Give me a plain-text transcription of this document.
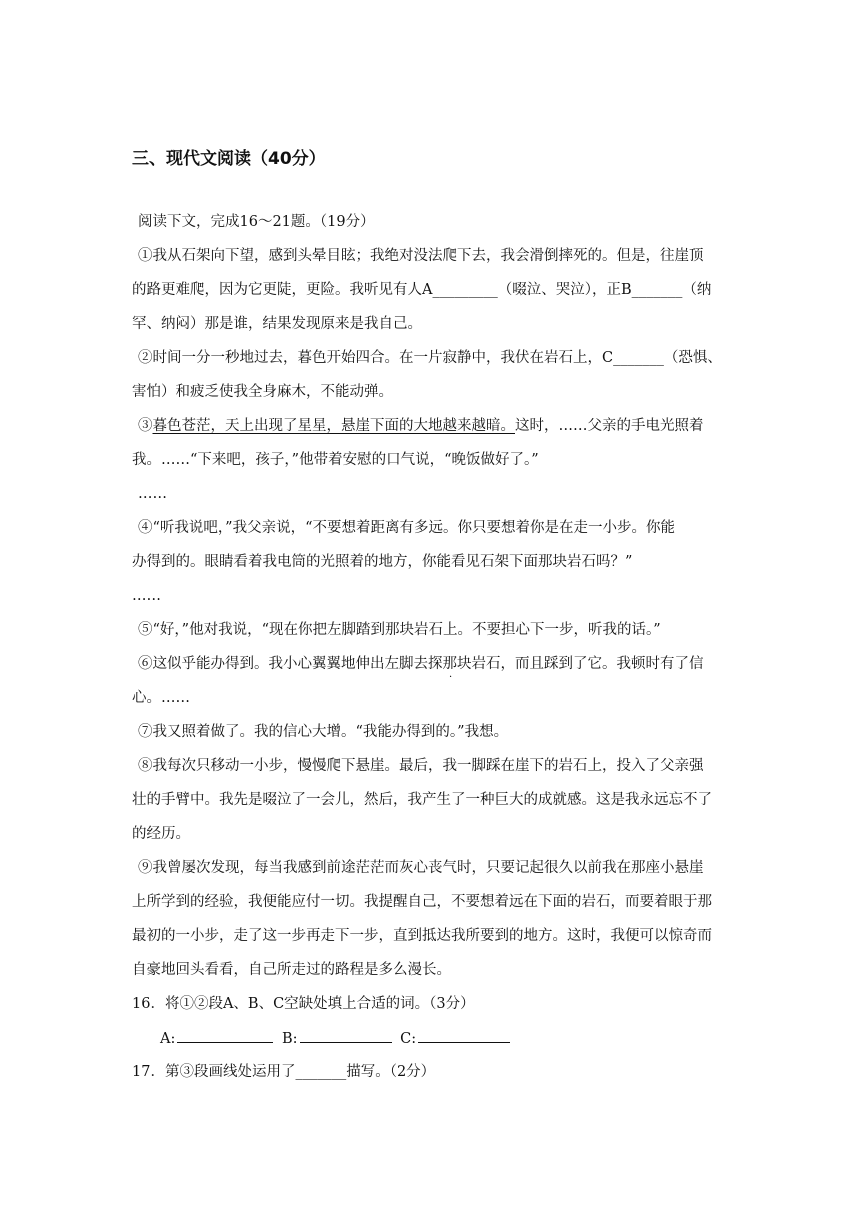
三、现代文阅读（40分）
阅读下文，完成16～21题。（19分）
①我从石架向下望，感到头晕目眩；我绝对没法爬下去，我会滑倒摔死的。但是，往崖顶
的路更难爬，因为它更陡，更险。我听见有人A_________（啜泣、哭泣），正B_______（纳
罕、纳闷）那是谁，结果发现原来是我自己。
②时间一分一秒地过去，暮色开始四合。在一片寂静中，我伏在岩石上，C_______（恐惧、
害怕）和疲乏使我全身麻木，不能动弹。
④“听我说吧，”我父亲说，“不要想着距离有多远。你只要想着你是在走一小步。你能
办得到的。眼睛看着我电筒的光照着的地方，你能看见石架下面那块岩石吗？”
……
⑤“好，”他对我说，“现在你把左脚踏到那块岩石上。不要担心下一步，听我的话。”
⑥这似乎能办得到。我小心翼翼地伸出左脚去探那块岩石，而且踩到了它。我顿时有了信
心。……
⑦我又照着做了。我的信心大增。“我能办得到的。”我想。
⑧我每次只移动一小步，慢慢爬下悬崖。最后，我一脚踩在崖下的岩石上，投入了父亲强
壮的手臂中。我先是啜泣了一会儿，然后，我产生了一种巨大的成就感。这是我永远忘不了
的经历。
⑨我曾屡次发现，每当我感到前途茫茫而灰心丧气时，只要记起很久以前我在那座小悬崖
上所学到的经验，我便能应付一切。我提醒自己，不要想着远在下面的岩石，而要着眼于那
最初的一小步，走了这一步再走下一步，直到抵达我所要到的地方。这时，我便可以惊奇而
自豪地回头看看，自己所走过的路程是多么漫长。
16．将①②段A、B、C空缺处填上合适的词。（3分）
17．第③段画线处运用了_______描写。（2分）
③暮色苍茫，天上出现了星星，悬崖下面的大地越来越暗。这时，……父亲的手电光照着
我。……“下来吧，孩子，”他带着安慰的口气说，“晚饭做好了。”
……
·
A:	B:	C:
